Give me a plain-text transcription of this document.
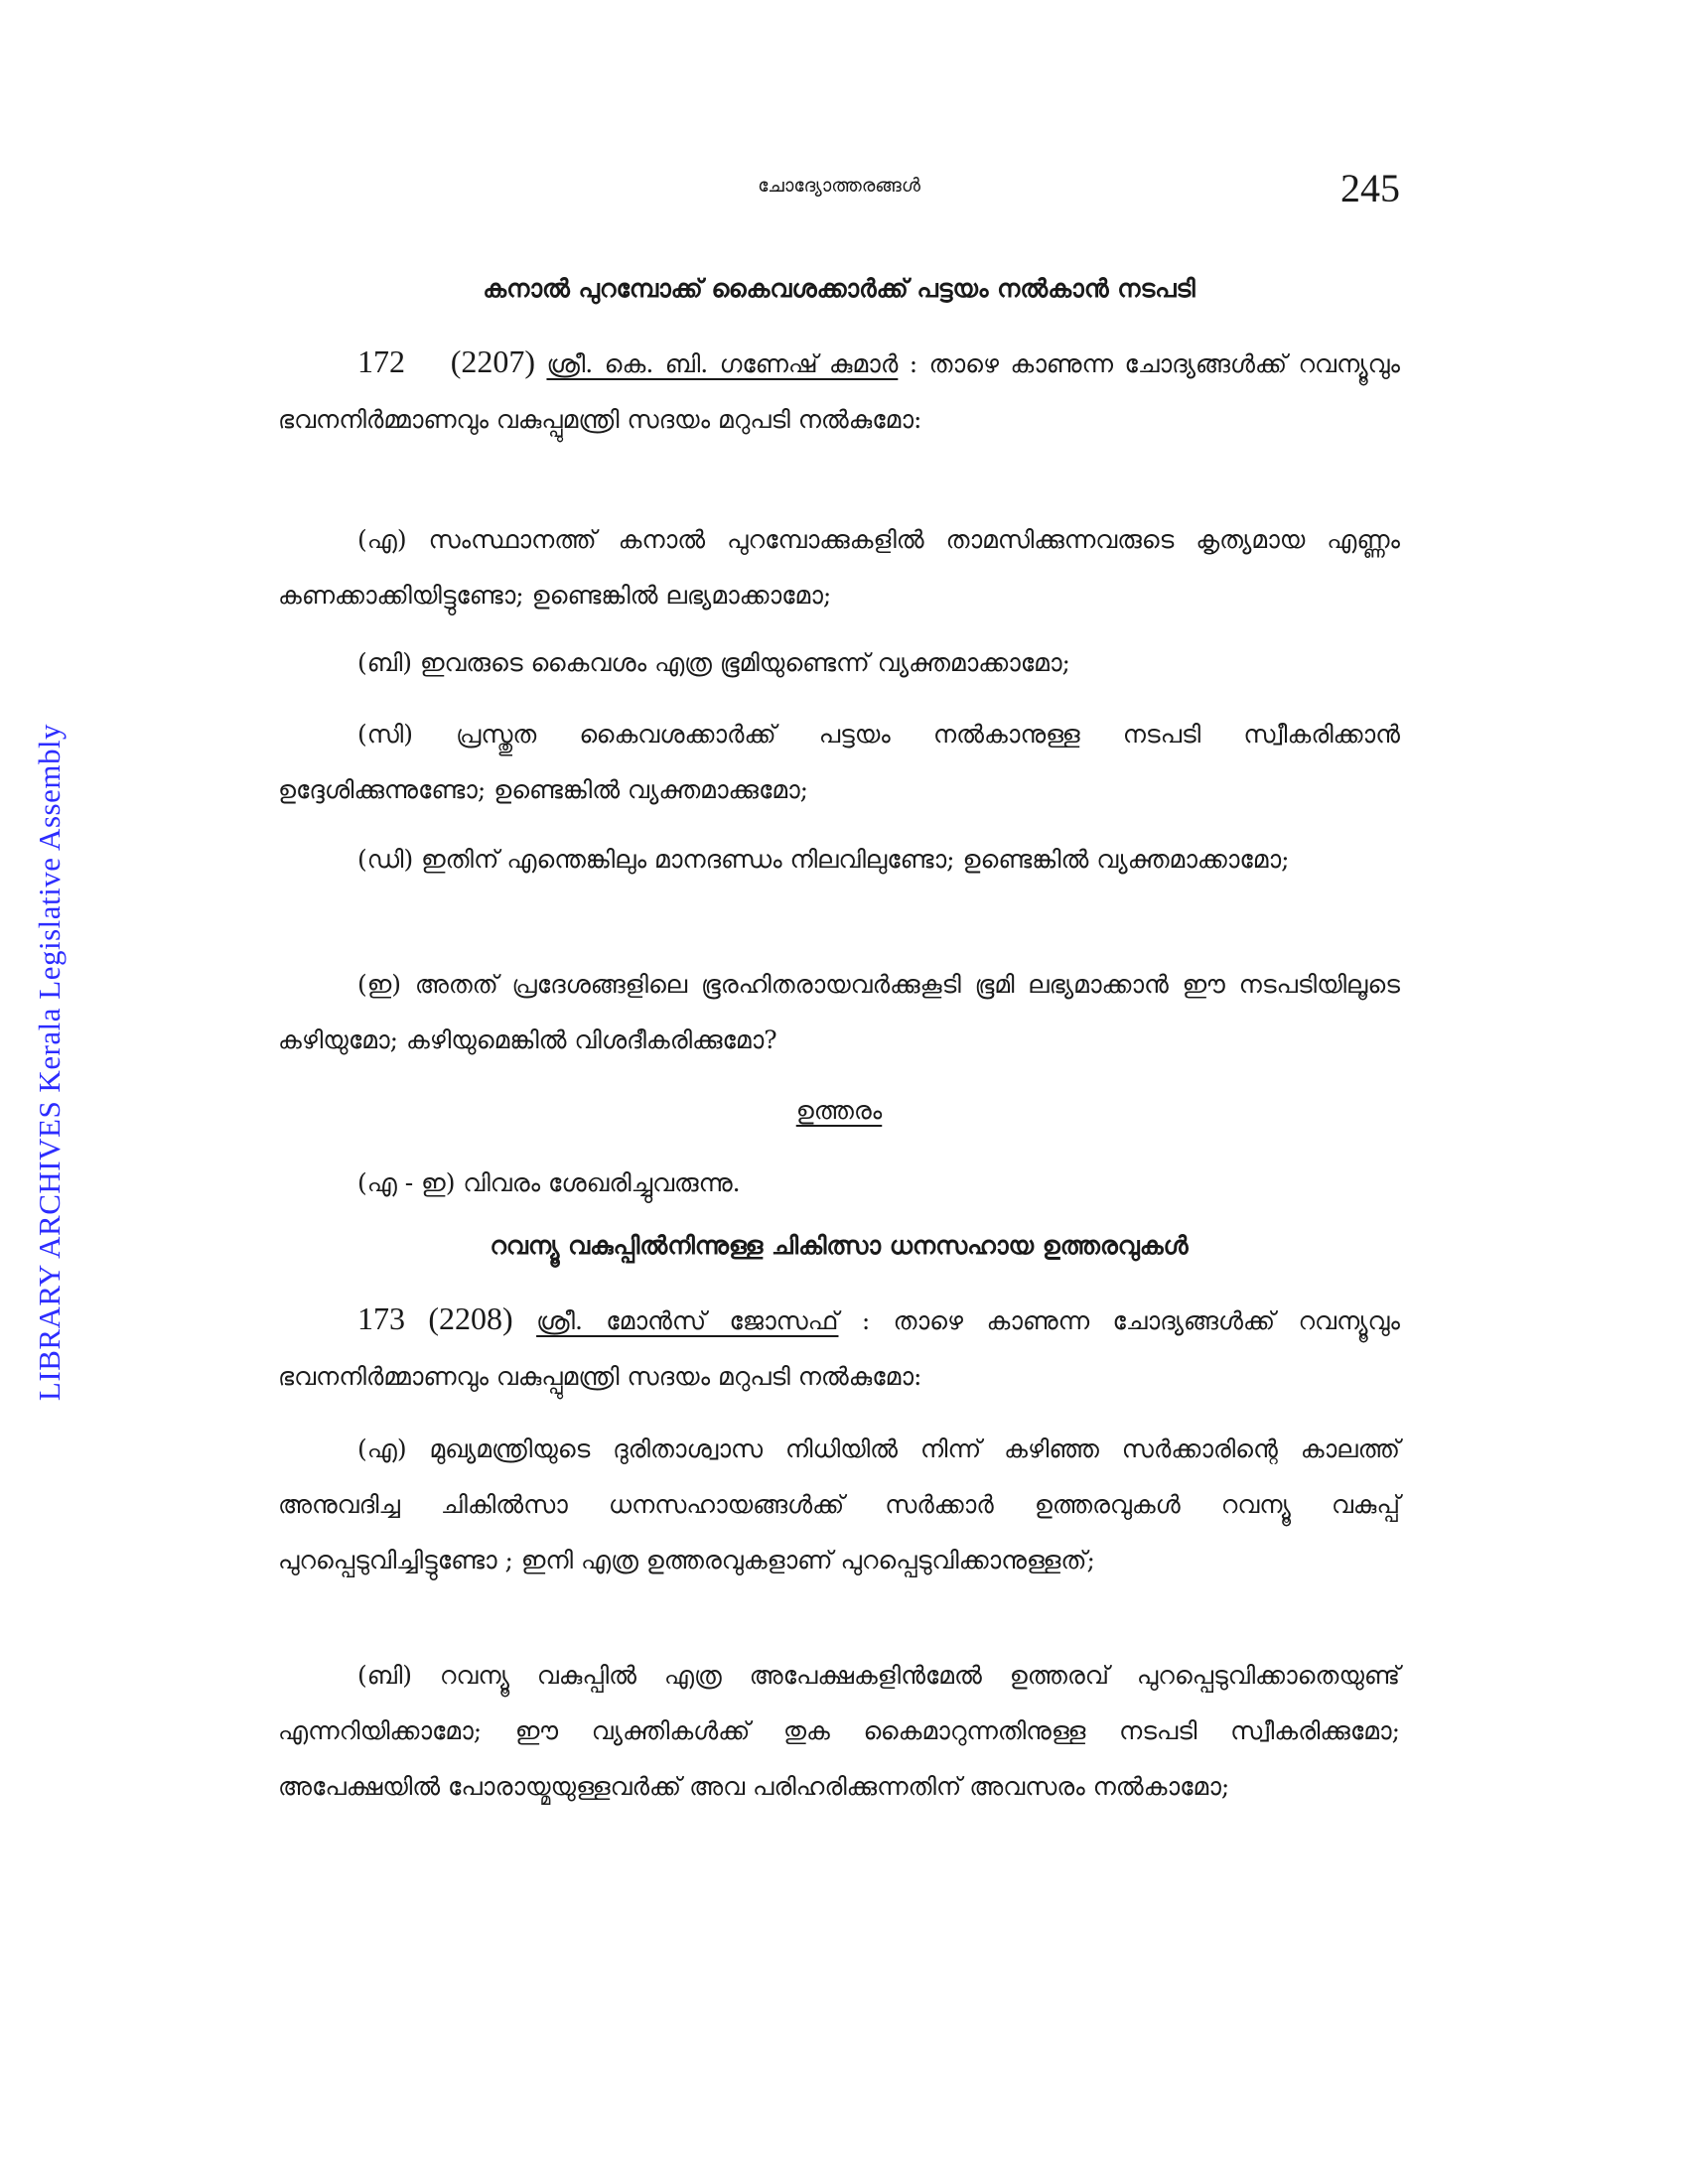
LIBRARY ARCHIVES Kerala Legislative Assembly
ചോദ്യോത്തരങ്ങൾ	245
കനാൽ പുറമ്പോക്ക് കൈവശക്കാർക്ക് പട്ടയം നൽകാൻ നടപടി

172 (2207) ശ്രീ. കെ. ബി. ഗണേഷ് കുമാർ : താഴെ കാണുന്ന ചോദ്യങ്ങൾക്ക് റവന്യൂവും ഭവനനിർമ്മാണവും വകുപ്പുമന്ത്രി സദയം മറുപടി നൽകുമോ:

(എ) സംസ്ഥാനത്ത് കനാൽ പുറമ്പോക്കുകളിൽ താമസിക്കുന്നവരുടെ കൃത്യമായ എണ്ണം കണക്കാക്കിയിട്ടുണ്ടോ; ഉണ്ടെങ്കിൽ ലഭ്യമാക്കാമോ;

(ബി) ഇവരുടെ കൈവശം എത്ര ഭൂമിയുണ്ടെന്ന് വ്യക്തമാക്കാമോ;

(സി) പ്രസ്തുത കൈവശക്കാർക്ക് പട്ടയം നൽകാനുള്ള നടപടി സ്വീകരിക്കാൻ ഉദ്ദേശിക്കുന്നുണ്ടോ; ഉണ്ടെങ്കിൽ വ്യക്തമാക്കുമോ;

(ഡി) ഇതിന് എന്തെങ്കിലും മാനദണ്ഡം നിലവിലുണ്ടോ; ഉണ്ടെങ്കിൽ വ്യക്തമാക്കാമോ;

(ഇ) അതത് പ്രദേശങ്ങളിലെ ഭൂരഹിതരായവർക്കുകൂടി ഭൂമി ലഭ്യമാക്കാൻ ഈ നടപടിയിലൂടെ കഴിയുമോ; കഴിയുമെങ്കിൽ വിശദീകരിക്കുമോ?

ഉത്തരം

(എ - ഇ) വിവരം ശേഖരിച്ചുവരുന്നു.

റവന്യൂ വകുപ്പിൽനിന്നുള്ള ചികിത്സാ ധനസഹായ ഉത്തരവുകൾ

173 (2208) ശ്രീ. മോൻസ് ജോസഫ് : താഴെ കാണുന്ന ചോദ്യങ്ങൾക്ക് റവന്യൂവും ഭവനനിർമ്മാണവും വകുപ്പുമന്ത്രി സദയം മറുപടി നൽകുമോ:

(എ) മുഖ്യമന്ത്രിയുടെ ദുരിതാശ്വാസ നിധിയിൽ നിന്ന് കഴിഞ്ഞ സർക്കാരിന്റെ കാലത്ത് അനുവദിച്ച ചികിൽസാ ധനസഹായങ്ങൾക്ക് സർക്കാർ ഉത്തരവുകൾ റവന്യൂ വകുപ്പ് പുറപ്പെടുവിച്ചിട്ടുണ്ടോ ; ഇനി എത്ര ഉത്തരവുകളാണ് പുറപ്പെടുവിക്കാനുള്ളത്;

(ബി) റവന്യൂ വകുപ്പിൽ എത്ര അപേക്ഷകളിൻമേൽ ഉത്തരവ് പുറപ്പെടുവിക്കാതെയുണ്ട് എന്നറിയിക്കാമോ; ഈ വ്യക്തികൾക്ക് തുക കൈമാറുന്നതിനുള്ള നടപടി സ്വീകരിക്കുമോ; അപേക്ഷയിൽ പോരായ്മയുള്ളവർക്ക് അവ പരിഹരിക്കുന്നതിന് അവസരം നൽകാമോ;
